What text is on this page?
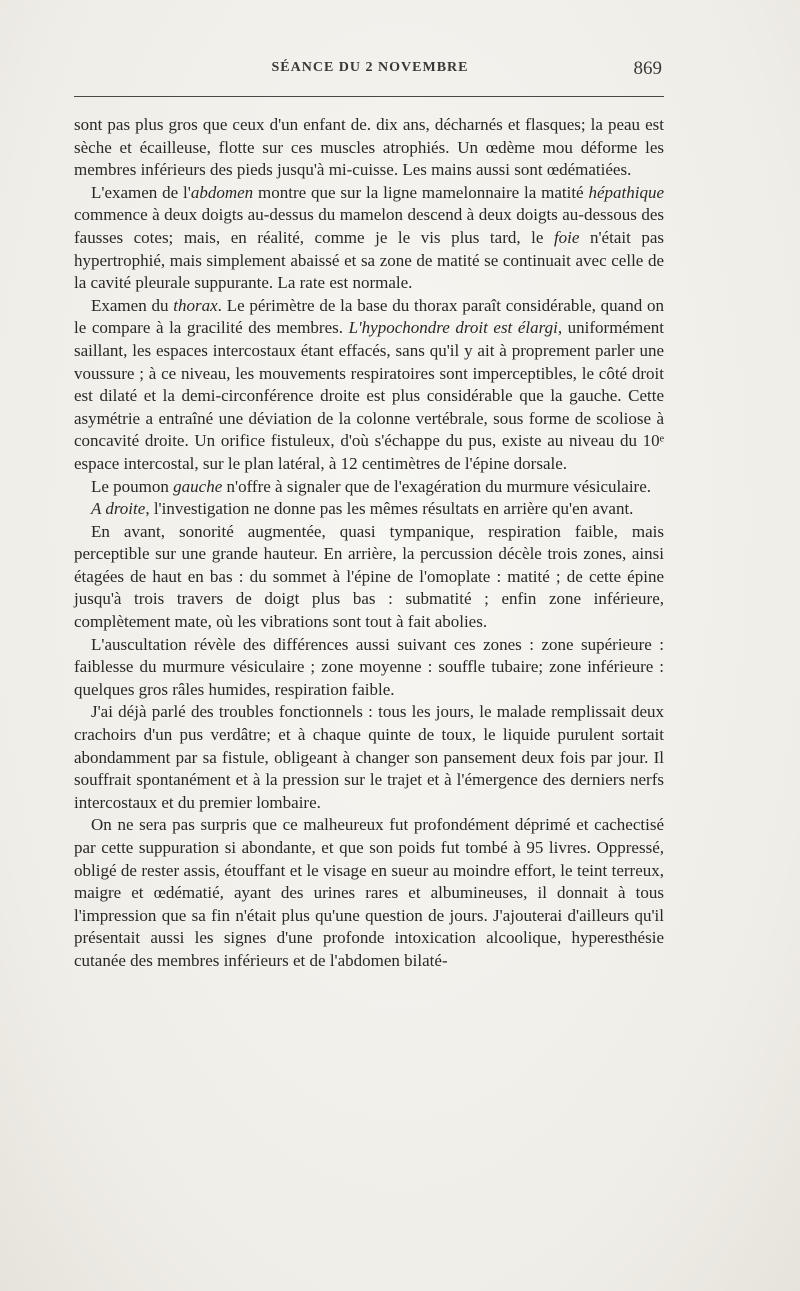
SÉANCE DU 2 NOVEMBRE	869

sont pas plus gros que ceux d'un enfant de. dix ans, décharnés et flasques; la peau est sèche et écailleuse, flotte sur ces muscles atrophiés. Un œdème mou déforme les membres inférieurs des pieds jusqu'à mi-cuisse. Les mains aussi sont œdématiées.

L'examen de l'abdomen montre que sur la ligne mamelonnaire la matité hépathique commence à deux doigts au-dessus du mamelon descend à deux doigts au-dessous des fausses cotes; mais, en réalité, comme je le vis plus tard, le foie n'était pas hypertrophié, mais simplement abaissé et sa zone de matité se continuait avec celle de la cavité pleurale suppurante. La rate est normale.

Examen du thorax. Le périmètre de la base du thorax paraît considérable, quand on le compare à la gracilité des membres. L'hypochondre droit est élargi, uniformément saillant, les espaces intercostaux étant effacés, sans qu'il y ait à proprement parler une voussure ; à ce niveau, les mouvements respiratoires sont imperceptibles, le côté droit est dilaté et la demi-circonférence droite est plus considérable que la gauche. Cette asymétrie a entraîné une déviation de la colonne vertébrale, sous forme de scoliose à concavité droite. Un orifice fistuleux, d'où s'échappe du pus, existe au niveau du 10ᵉ espace intercostal, sur le plan latéral, à 12 centimètres de l'épine dorsale.

Le poumon gauche n'offre à signaler que de l'exagération du murmure vésiculaire.

A droite, l'investigation ne donne pas les mêmes résultats en arrière qu'en avant.

En avant, sonorité augmentée, quasi tympanique, respiration faible, mais perceptible sur une grande hauteur. En arrière, la percussion décèle trois zones, ainsi étagées de haut en bas : du sommet à l'épine de l'omoplate : matité ; de cette épine jusqu'à trois travers de doigt plus bas : submatité ; enfin zone inférieure, complètement mate, où les vibrations sont tout à fait abolies.

L'auscultation révèle des différences aussi suivant ces zones : zone supérieure : faiblesse du murmure vésiculaire ; zone moyenne : souffle tubaire; zone inférieure : quelques gros râles humides, respiration faible.

J'ai déjà parlé des troubles fonctionnels : tous les jours, le malade remplissait deux crachoirs d'un pus verdâtre; et à chaque quinte de toux, le liquide purulent sortait abondamment par sa fistule, obligeant à changer son pansement deux fois par jour. Il souffrait spontanément et à la pression sur le trajet et à l'émergence des derniers nerfs intercostaux et du premier lombaire.

On ne sera pas surpris que ce malheureux fut profondément déprimé et cachectisé par cette suppuration si abondante, et que son poids fut tombé à 95 livres. Oppressé, obligé de rester assis, étouffant et le visage en sueur au moindre effort, le teint terreux, maigre et œdématié, ayant des urines rares et albumineuses, il donnait à tous l'impression que sa fin n'était plus qu'une question de jours. J'ajouterai d'ailleurs qu'il présentait aussi les signes d'une profonde intoxication alcoolique, hyperesthésie cutanée des membres inférieurs et de l'abdomen bilaté-
